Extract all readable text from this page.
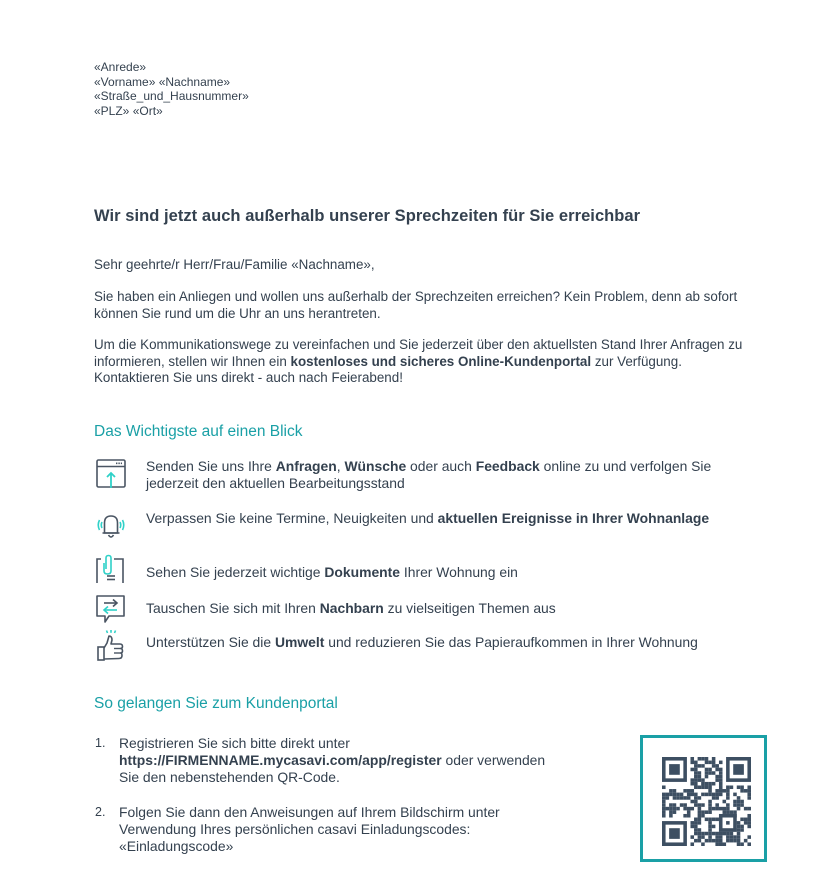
«Anrede»
«Vorname» «Nachname»
«Straße_und_Hausnummer»
«PLZ» «Ort»
Wir sind jetzt auch außerhalb unserer Sprechzeiten für Sie erreichbar
Sehr geehrte/r Herr/Frau/Familie «Nachname»,
Sie haben ein Anliegen und wollen uns außerhalb der Sprechzeiten erreichen? Kein Problem, denn ab sofort können Sie rund um die Uhr an uns herantreten.
Um die Kommunikationswege zu vereinfachen und Sie jederzeit über den aktuellsten Stand Ihrer Anfragen zu informieren, stellen wir Ihnen ein kostenloses und sicheres Online-Kundenportal zur Verfügung. Kontaktieren Sie uns direkt - auch nach Feierabend!
Das Wichtigste auf einen Blick
Senden Sie uns Ihre Anfragen, Wünsche oder auch Feedback online zu und verfolgen Sie jederzeit den aktuellen Bearbeitungsstand
Verpassen Sie keine Termine, Neuigkeiten und aktuellen Ereignisse in Ihrer Wohnanlage
Sehen Sie jederzeit wichtige Dokumente Ihrer Wohnung ein
Tauschen Sie sich mit Ihren Nachbarn zu vielseitigen Themen aus
Unterstützen Sie die Umwelt und reduzieren Sie das Papieraufkommen in Ihrer Wohnung
So gelangen Sie zum Kundenportal
1. Registrieren Sie sich bitte direkt unter https://FIRMENNAME.mycasavi.com/app/register oder verwenden Sie den nebenstehenden QR-Code.
2. Folgen Sie dann den Anweisungen auf Ihrem Bildschirm unter Verwendung Ihres persönlichen casavi Einladungscodes: «Einladungscode»
